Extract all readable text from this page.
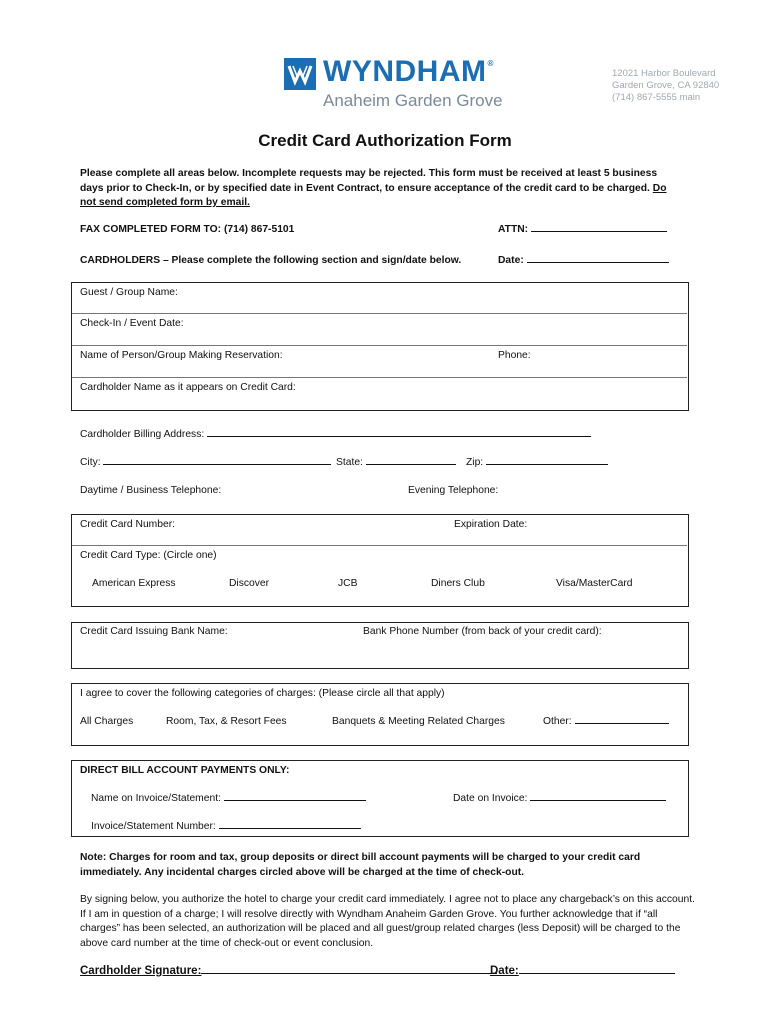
WYNDHAM®
Anaheim Garden Grove
12021 Harbor Boulevard
Garden Grove, CA 92840
(714) 867-5555 main
Credit Card Authorization Form
Please complete all areas below. Incomplete requests may be rejected. This form must be received at least 5 business days prior to Check-In, or by specified date in Event Contract, to ensure acceptance of the credit card to be charged. Do not send completed form by email.
FAX COMPLETED FORM TO: (714) 867-5101	ATTN:
CARDHOLDERS – Please complete the following section and sign/date below.	Date:
Guest / Group Name:
Check-In / Event Date:
Name of Person/Group Making Reservation:	Phone:
Cardholder Name as it appears on Credit Card:
Cardholder Billing Address:
City:	State:	Zip:
Daytime / Business Telephone:	Evening Telephone:
Credit Card Number:	Expiration Date:
Credit Card Type: (Circle one)
American Express	Discover	JCB	Diners Club	Visa/MasterCard
Credit Card Issuing Bank Name:	Bank Phone Number (from back of your credit card):
I agree to cover the following categories of charges: (Please circle all that apply)
All Charges	Room, Tax, & Resort Fees	Banquets & Meeting Related Charges	Other:
DIRECT BILL ACCOUNT PAYMENTS ONLY:
Name on Invoice/Statement:	Date on Invoice:
Invoice/Statement Number:
Note: Charges for room and tax, group deposits or direct bill account payments will be charged to your credit card immediately. Any incidental charges circled above will be charged at the time of check-out.
By signing below, you authorize the hotel to charge your credit card immediately. I agree not to place any chargeback’s on this account. If I am in question of a charge; I will resolve directly with Wyndham Anaheim Garden Grove. You further acknowledge that if “all charges” has been selected, an authorization will be placed and all guest/group related charges (less Deposit) will be charged to the above card number at the time of check-out or event conclusion.
Cardholder Signature:	Date:
